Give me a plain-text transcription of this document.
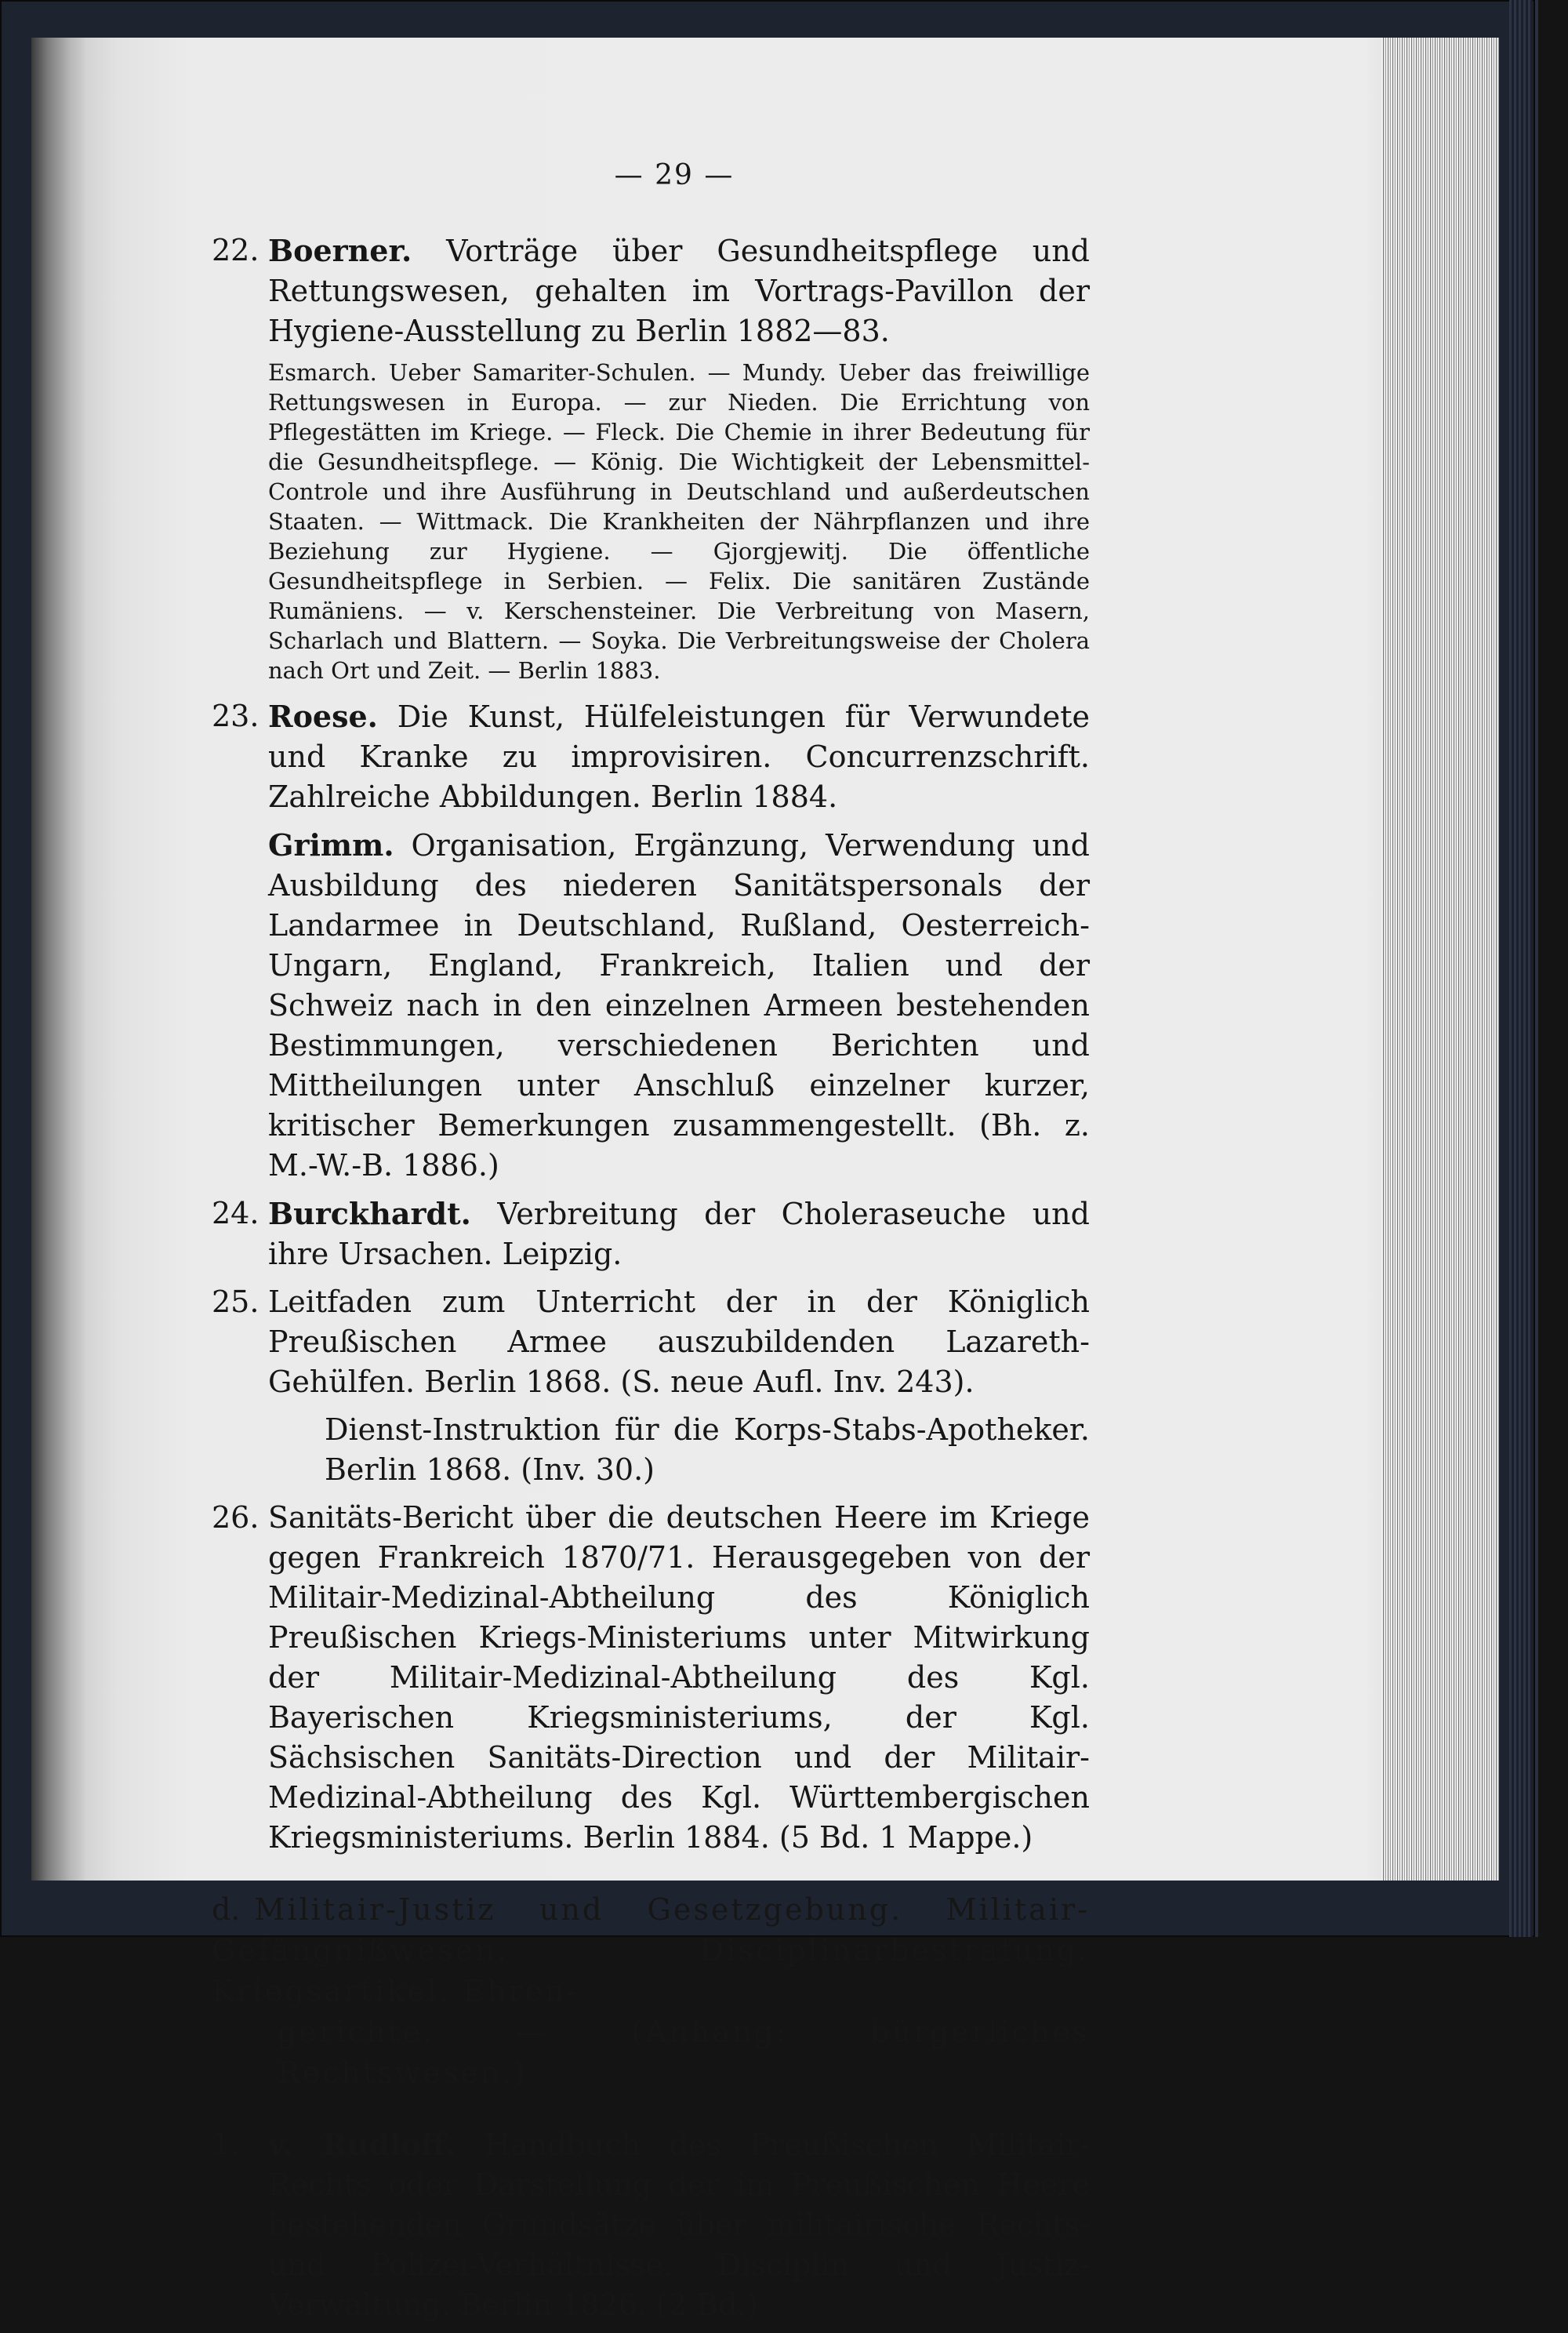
— 29 —
22. Boerner. Vorträge über Gesundheitspflege und Rettungswesen, gehalten im Vortrags-Pavillon der Hygiene-Ausstellung zu Berlin 1882—83.
Esmarch. Ueber Samariter-Schulen. — Mundy. Ueber das freiwillige Rettungswesen in Europa. — zur Nieden. Die Errichtung von Pflegestätten im Kriege. — Fleck. Die Chemie in ihrer Bedeutung für die Gesundheitspflege. — König. Die Wichtigkeit der Lebensmittel-Controle und ihre Ausführung in Deutschland und außerdeutschen Staaten. — Wittmack. Die Krankheiten der Nährpflanzen und ihre Beziehung zur Hygiene. — Gjorgjewitj. Die öffentliche Gesundheitspflege in Serbien. — Felix. Die sanitären Zustände Rumäniens. — v. Kerschensteiner. Die Verbreitung von Masern, Scharlach und Blattern. — Soyka. Die Verbreitungsweise der Cholera nach Ort und Zeit. — Berlin 1883.
23. Roese. Die Kunst, Hülfeleistungen für Verwundete und Kranke zu improvisiren. Concurrenzschrift. Zahlreiche Abbildungen. Berlin 1884.
Grimm. Organisation, Ergänzung, Verwendung und Ausbildung des niederen Sanitätspersonals der Landarmee in Deutschland, Rußland, Oesterreich-Ungarn, England, Frankreich, Italien und der Schweiz nach in den einzelnen Armeen bestehenden Bestimmungen, verschiedenen Berichten und Mittheilungen unter Anschluß einzelner kurzer, kritischer Bemerkungen zusammengestellt. (Bh. z. M.-W.-B. 1886.)
24. Burckhardt. Verbreitung der Choleraseuche und ihre Ursachen. Leipzig.
25. Leitfaden zum Unterricht der in der Königlich Preußischen Armee auszubildenden Lazareth-Gehülfen. Berlin 1868. (S. neue Aufl. Inv. 243).
Dienst-Instruktion für die Korps-Stabs-Apotheker. Berlin 1868. (Inv. 30.)
26. Sanitäts-Bericht über die deutschen Heere im Kriege gegen Frankreich 1870/71. Herausgegeben von der Militair-Medizinal-Abtheilung des Königlich Preußischen Kriegs-Ministeriums unter Mitwirkung der Militair-Medizinal-Abtheilung des Kgl. Bayerischen Kriegsministeriums, der Kgl. Sächsischen Sanitäts-Direction und der Militair-Medizinal-Abtheilung des Kgl. Württembergischen Kriegsministeriums. Berlin 1884. (5 Bd. 1 Mappe.)
d. Militair-Justiz und Gesetzgebung. Militair-Gefängnißwesen. Disciplinarbestrafung. Kriegsartikel. Ehren-
gerichte. — (Anhang: bürgerliches Rechtswesen.)
1. v. Rudloff. Handbuch des Preußischen Militair-Rechts oder Darstellung der im Preußischen Heere bestehenden Grundsätze über militairische Rechts- und Polizei-Verhältnisse. Disciplin und Justiz-Verwaltung. Berlin 1826. (2 Bd.)
